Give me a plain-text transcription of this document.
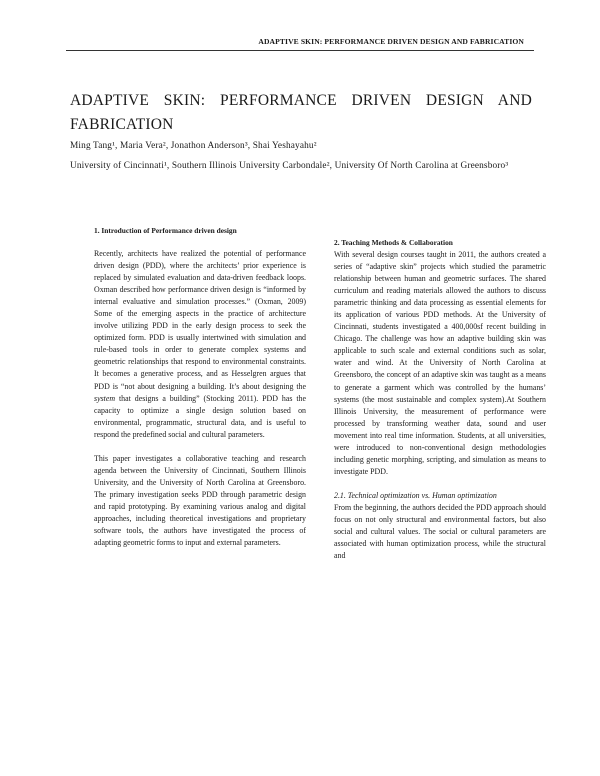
ADAPTIVE SKIN: PERFORMANCE DRIVEN DESIGN AND FABRICATION
ADAPTIVE SKIN: PERFORMANCE DRIVEN DESIGN AND
FABRICATION
Ming Tang¹, Maria Vera², Jonathon Anderson³, Shai Yeshayahu²
University of Cincinnati¹, Southern Illinois University Carbondale², University Of North Carolina at Greensboro³

1. Introduction of Performance driven design

Recently, architects have realized the potential of performance driven design (PDD), where the architects’ prior experience is replaced by simulated evaluation and data-driven feedback loops. Oxman described how performance driven design is “informed by internal evaluative and simulation processes.” (Oxman, 2009) Some of the emerging aspects in the practice of architecture involve utilizing PDD in the early design process to seek the optimized form. PDD is usually intertwined with simulation and rule-based tools in order to generate complex systems and geometric relationships that respond to environmental constraints. It becomes a generative process, and as Hesselgren argues that PDD is “not about designing a building. It’s about designing the system that designs a building” (Stocking 2011). PDD has the capacity to optimize a single design solution based on environmental, programmatic, structural data, and is useful to respond the predefined social and cultural parameters.

This paper investigates a collaborative teaching and research agenda between the University of Cincinnati, Southern Illinois University, and the University of North Carolina at Greensboro. The primary investigation seeks PDD through parametric design and rapid prototyping. By examining various analog and digital approaches, including theoretical investigations and proprietary software tools, the authors have investigated the process of adapting geometric forms to input and external parameters.

2. Teaching Methods & Collaboration

With several design courses taught in 2011, the authors created a series of “adaptive skin” projects which studied the parametric relationship between human and geometric surfaces. The shared curriculum and reading materials allowed the authors to discuss parametric thinking and data processing as essential elements for its application of various PDD methods. At the University of Cincinnati, students investigated a 400,000sf recent building in Chicago. The challenge was how an adaptive building skin was applicable to such scale and external conditions such as solar, water and wind. At the University of North Carolina at Greensboro, the concept of an adaptive skin was taught as a means to generate a garment which was controlled by the humans’ systems (the most sustainable and complex system).At Southern Illinois University, the measurement of performance were processed by transforming weather data, sound and user movement into real time information. Students, at all universities, were introduced to non-conventional design methodologies including genetic morphing, scripting, and simulation as means to investigate PDD.

2.1. Technical optimization vs. Human optimization

From the beginning, the authors decided the PDD approach should focus on not only structural and environmental factors, but also social and cultural values. The social or cultural parameters are associated with human optimization process, while the structural and
